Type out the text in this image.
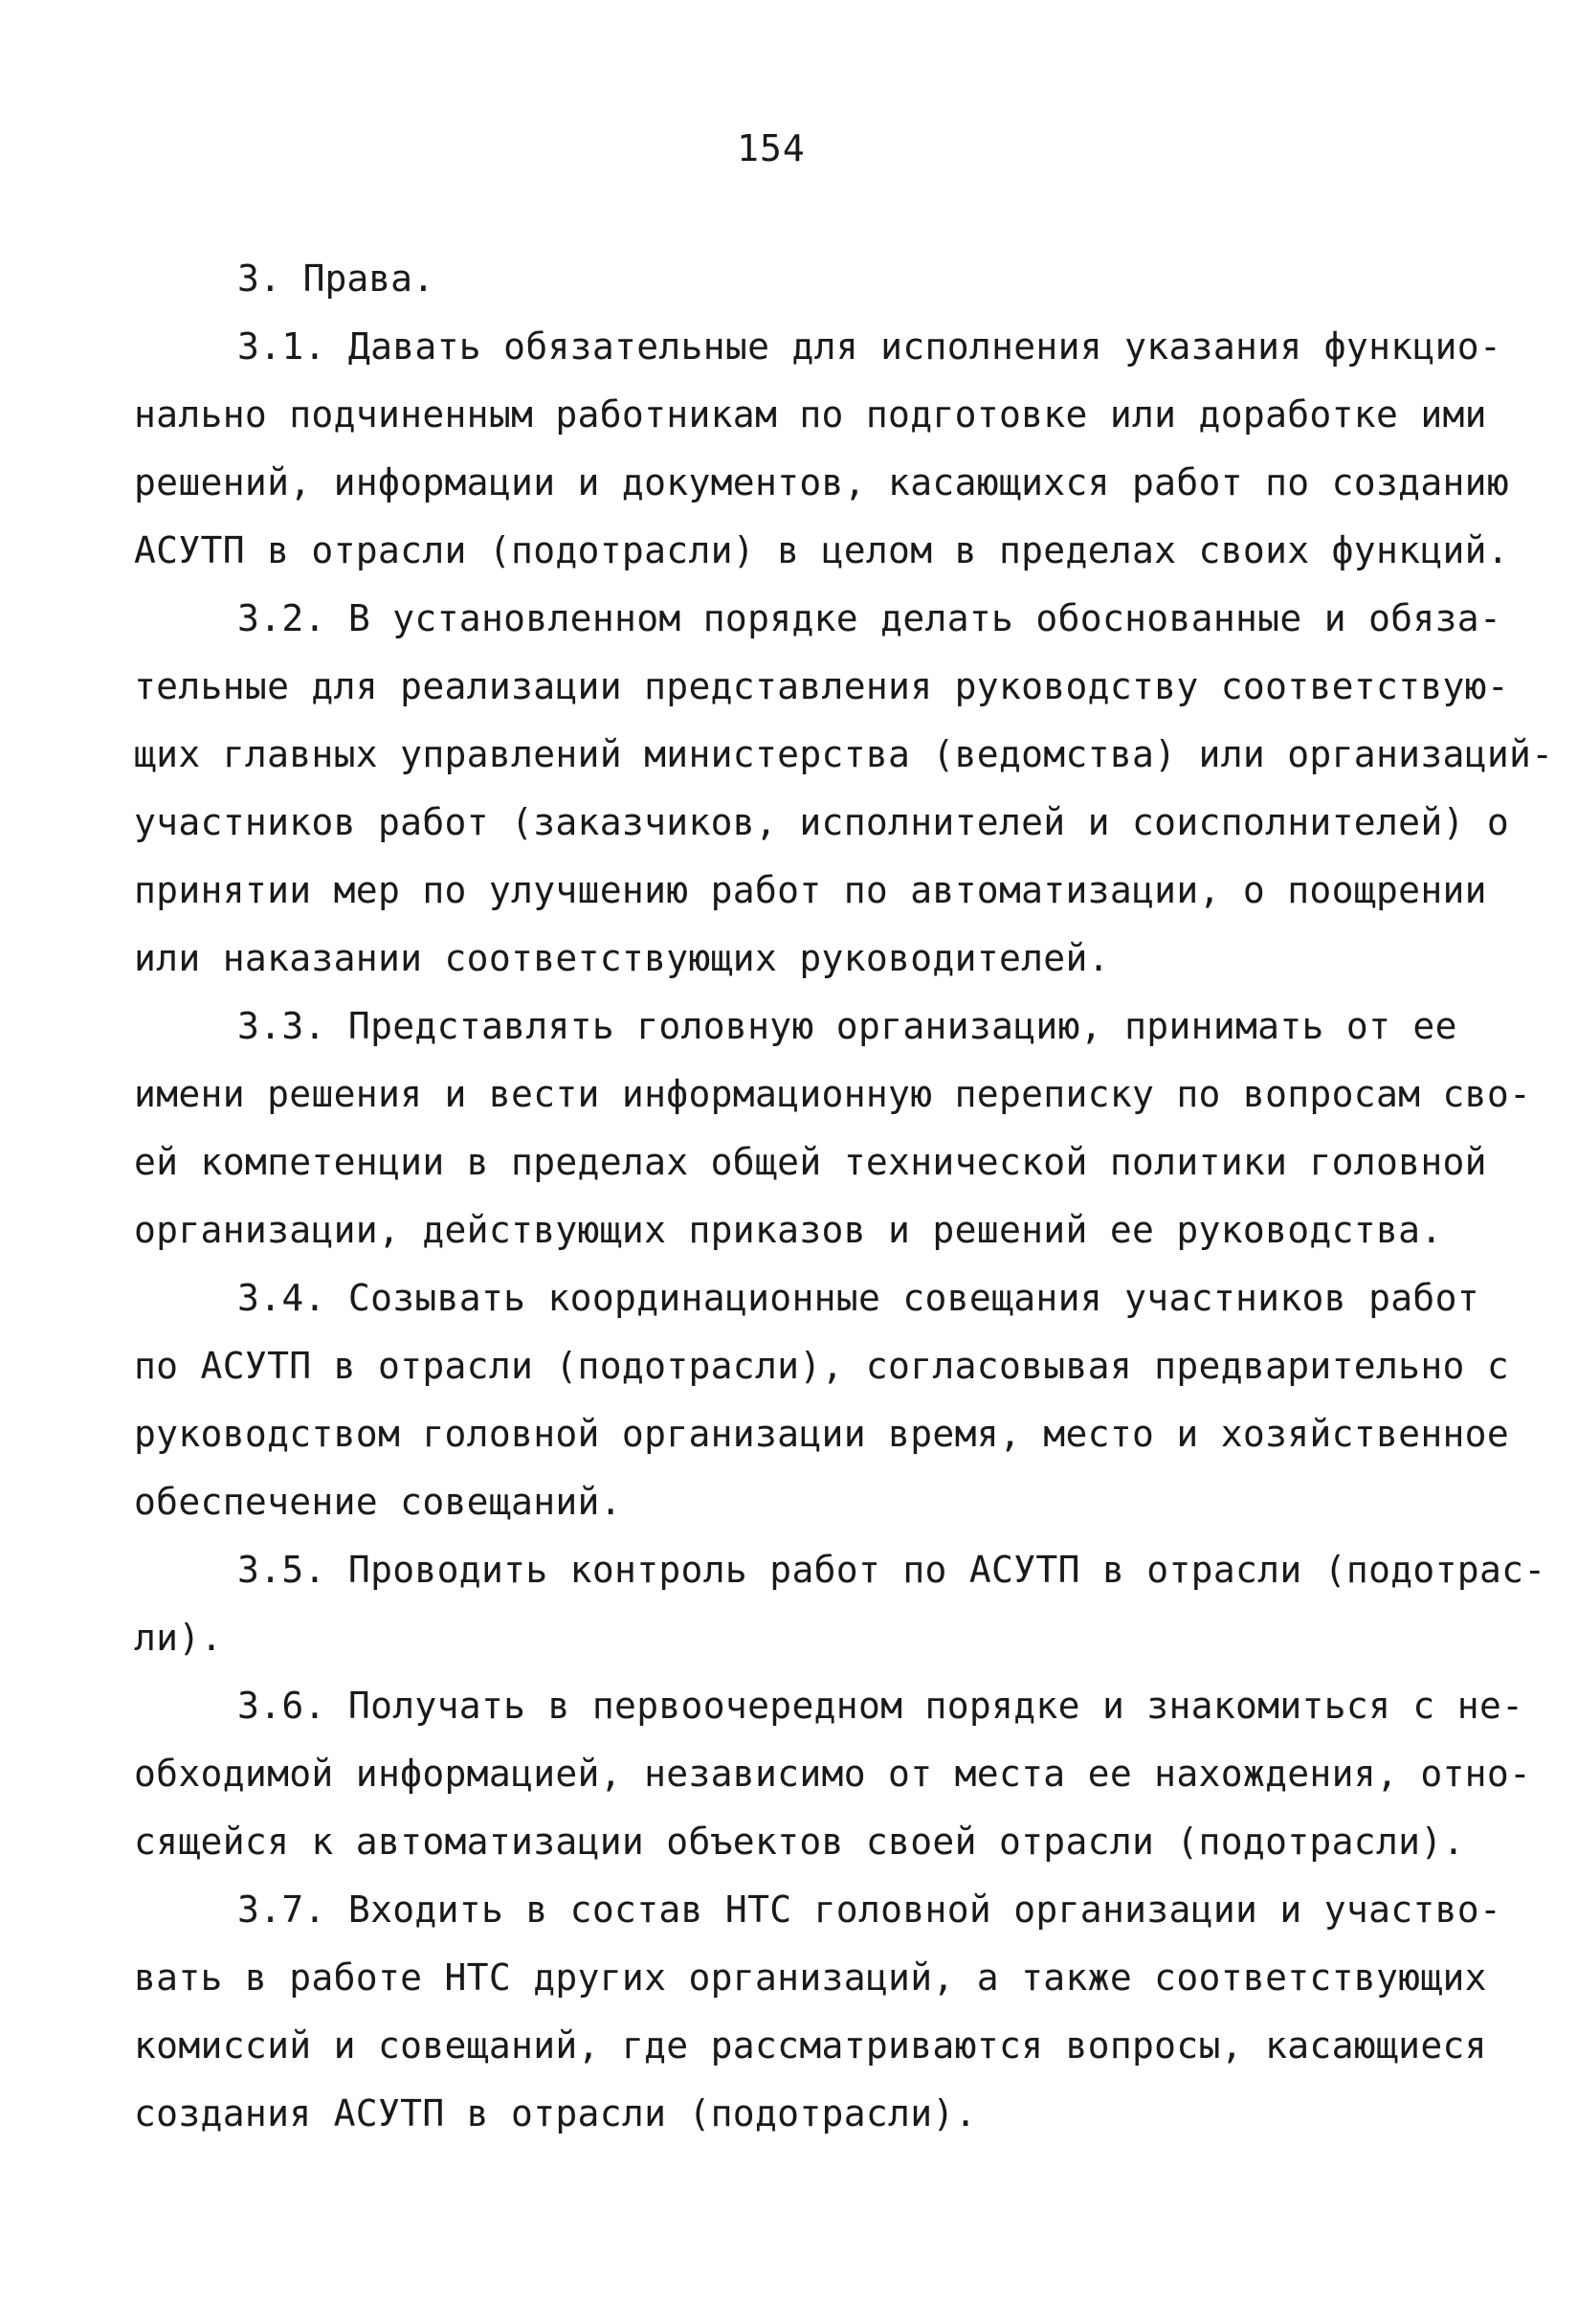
154
3. Права.
3.1. Давать обязательные для исполнения указания функцио-
нально подчиненным работникам по подготовке или доработке ими
решений, информации и документов, касающихся работ по созданию
АСУТП в отрасли (подотрасли) в целом в пределах своих функций.
3.2. В установленном порядке делать обоснованные и обяза-
тельные для реализации представления руководству соответствую-
щих главных управлений министерства (ведомства) или организаций-
участников работ (заказчиков, исполнителей и соисполнителей) о
принятии мер по улучшению работ по автоматизации, о поощрении
или наказании соответствующих руководителей.
3.3. Представлять головную организацию, принимать от ее
имени решения и вести информационную переписку по вопросам сво-
ей компетенции в пределах общей технической политики головной
организации, действующих приказов и решений ее руководства.
3.4. Созывать координационные совещания участников работ
по АСУТП в отрасли (подотрасли), согласовывая предварительно с
руководством головной организации время, место и хозяйственное
обеспечение совещаний.
3.5. Проводить контроль работ по АСУТП в отрасли (подотрас-
ли).
3.6. Получать в первоочередном порядке и знакомиться с не-
обходимой информацией, независимо от места ее нахождения, отно-
сящейся к автоматизации объектов своей отрасли (подотрасли).
3.7. Входить в состав НТС головной организации и участво-
вать в работе НТС других организаций, а также соответствующих
комиссий и совещаний, где рассматриваются вопросы, касающиеся
создания АСУТП в отрасли (подотрасли).
